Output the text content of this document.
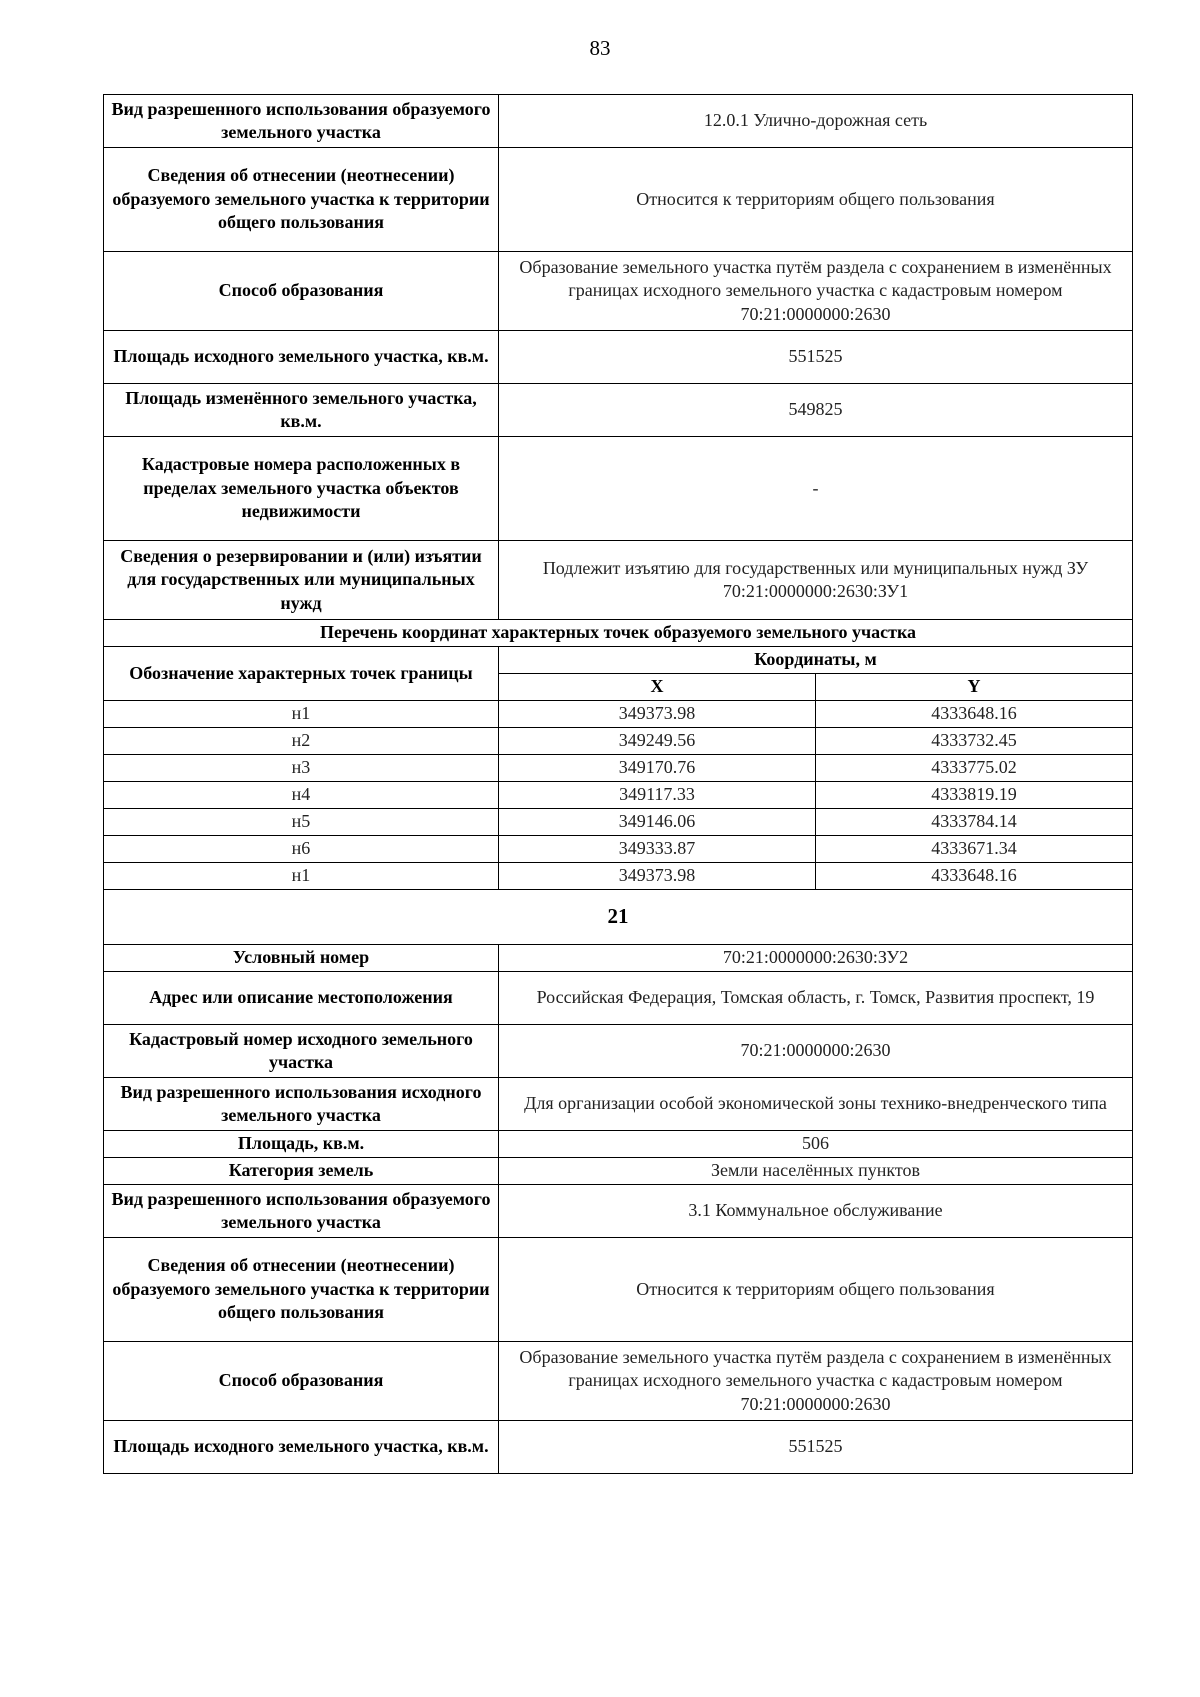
83
Вид разрешенного использования образуемого земельного участка	12.0.1 Улично-дорожная сеть	
Сведения об отнесении (неотнесении) образуемого земельного участка к территории общего пользования	Относится к территориям общего пользования	
Способ образования	Образование земельного участка путём раздела с сохранением в изменённых границах исходного земельного участка с кадастровым номером 70:21:0000000:2630	
Площадь исходного земельного участка, кв.м.	551525	
Площадь изменённого земельного участка, кв.м.	549825	
Кадастровые номера расположенных в пределах земельного участка объектов недвижимости	-	
Сведения о резервировании и (или) изъятии для государственных или муниципальных нужд	Подлежит изъятию для государственных или муниципальных нужд ЗУ 70:21:0000000:2630:ЗУ1	
Перечень координат характерных точек образуемого земельного участка		
Обозначение характерных точек границы	Координаты, м	
	X	Y
н1	349373.98	4333648.16
н2	349249.56	4333732.45
н3	349170.76	4333775.02
н4	349117.33	4333819.19
н5	349146.06	4333784.14
н6	349333.87	4333671.34
н1	349373.98	4333648.16
21		
Условный номер	70:21:0000000:2630:ЗУ2	
Адрес или описание местоположения	Российская Федерация, Томская область, г. Томск, Развития проспект, 19	
Кадастровый номер исходного земельного участка	70:21:0000000:2630	
Вид разрешенного использования исходного земельного участка	Для организации особой экономической зоны технико-внедренческого типа	
Площадь, кв.м.	506	
Категория земель	Земли населённых пунктов	
Вид разрешенного использования образуемого земельного участка	3.1 Коммунальное обслуживание	
Сведения об отнесении (неотнесении) образуемого земельного участка к территории общего пользования	Относится к территориям общего пользования	
Способ образования	Образование земельного участка путём раздела с сохранением в изменённых границах исходного земельного участка с кадастровым номером 70:21:0000000:2630	
Площадь исходного земельного участка, кв.м.	551525	
